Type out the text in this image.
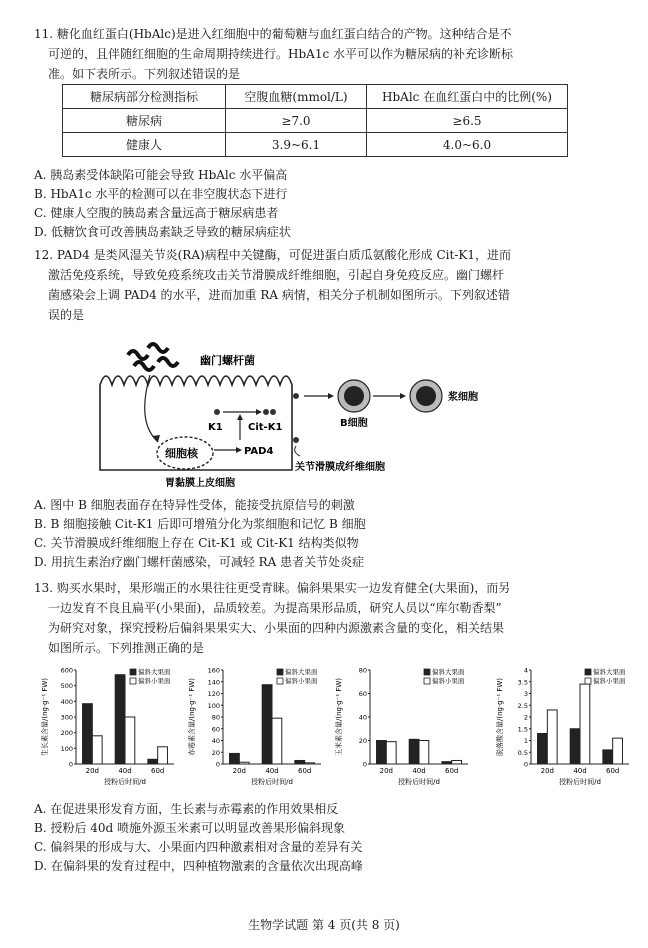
11. 糖化血红蛋白(HbAlc)是进入红细胞中的葡萄糖与血红蛋白结合的产物。这种结合是不

可逆的，且伴随红细胞的生命周期持续进行。HbA1c 水平可以作为糖尿病的补充诊断标

准。如下表所示。下列叙述错误的是

糖尿病部分检测指标	空腹血糖(mmol/L)	HbAlc 在血红蛋白中的比例(%)
糖尿病	≥7.0	≥6.5
健康人	3.9~6.1	4.0~6.0

A. 胰岛素受体缺陷可能会导致 HbAlc 水平偏高

B. HbA1c 水平的检测可以在非空腹状态下进行

C. 健康人空腹的胰岛素含量远高于糖尿病患者

D. 低糖饮食可改善胰岛素缺乏导致的糖尿病症状

12. PAD4 是类风湿关节炎(RA)病程中关键酶，可促进蛋白质瓜氨酸化形成 Cit-K1，进而

激活免疫系统，导致免疫系统攻击关节滑膜成纤维细胞，引起自身免疫反应。幽门螺杆

菌感染会上调 PAD4 的水平，进而加重 RA 病情，相关分子机制如图所示。下列叙述错

误的是

幽门螺杆菌
细胞核	PAD4
K1	Cit-K1	B细胞
浆细胞
关节滑膜成纤维细胞
胃黏膜上皮细胞

A. 图中 B 细胞表面存在特异性受体，能接受抗原信号的刺激

B. B 细胞接触 Cit-K1 后即可增殖分化为浆细胞和记忆 B 细胞

C. 关节滑膜成纤维细胞上存在 Cit-K1 或 Cit-K1 结构类似物

D. 用抗生素治疗幽门螺杆菌感染，可减轻 RA 患者关节处炎症

13. 购买水果时，果形端正的水果往往更受青睐。偏斜果果实一边发育健全(大果面)，而另

一边发育不良且扁平(小果面)，品质较差。为提高果形品质，研究人员以“库尔勒香梨”

为研究对象，探究授粉后偏斜果果实大、小果面的四种内源激素含量的变化，相关结果

如图所示。下列推测正确的是

生长素含量/(ng·g⁻¹ FW)
0
100
200
300
400
500
600
20d	40d	60d
授粉后时间/d
偏斜大果面
偏斜小果面	赤霉素含量/(ng·g⁻¹ FW)
0
20
40
60
80
100
120
140
160
20d	40d	60d
授粉后时间/d
偏斜大果面
偏斜小果面	玉米素含量/(ng·g⁻¹ FW)
0
20
40
60
80
20d	40d	60d
授粉后时间/d
偏斜大果面
偏斜小果面	脱落酸含量/(ng·g⁻¹ FW)
0
0.5
1
1.5
2
2.5
3
3.5
4
20d	40d	60d
授粉后时间/d
偏斜大果面
偏斜小果面

A. 在促进果形发育方面，生长素与赤霉素的作用效果相反

B. 授粉后 40d 喷施外源玉米素可以明显改善果形偏斜现象

C. 偏斜果的形成与大、小果面内四种激素相对含量的差异有关

D. 在偏斜果的发育过程中，四种植物激素的含量依次出现高峰

生物学试题 第 4 页(共 8 页)
